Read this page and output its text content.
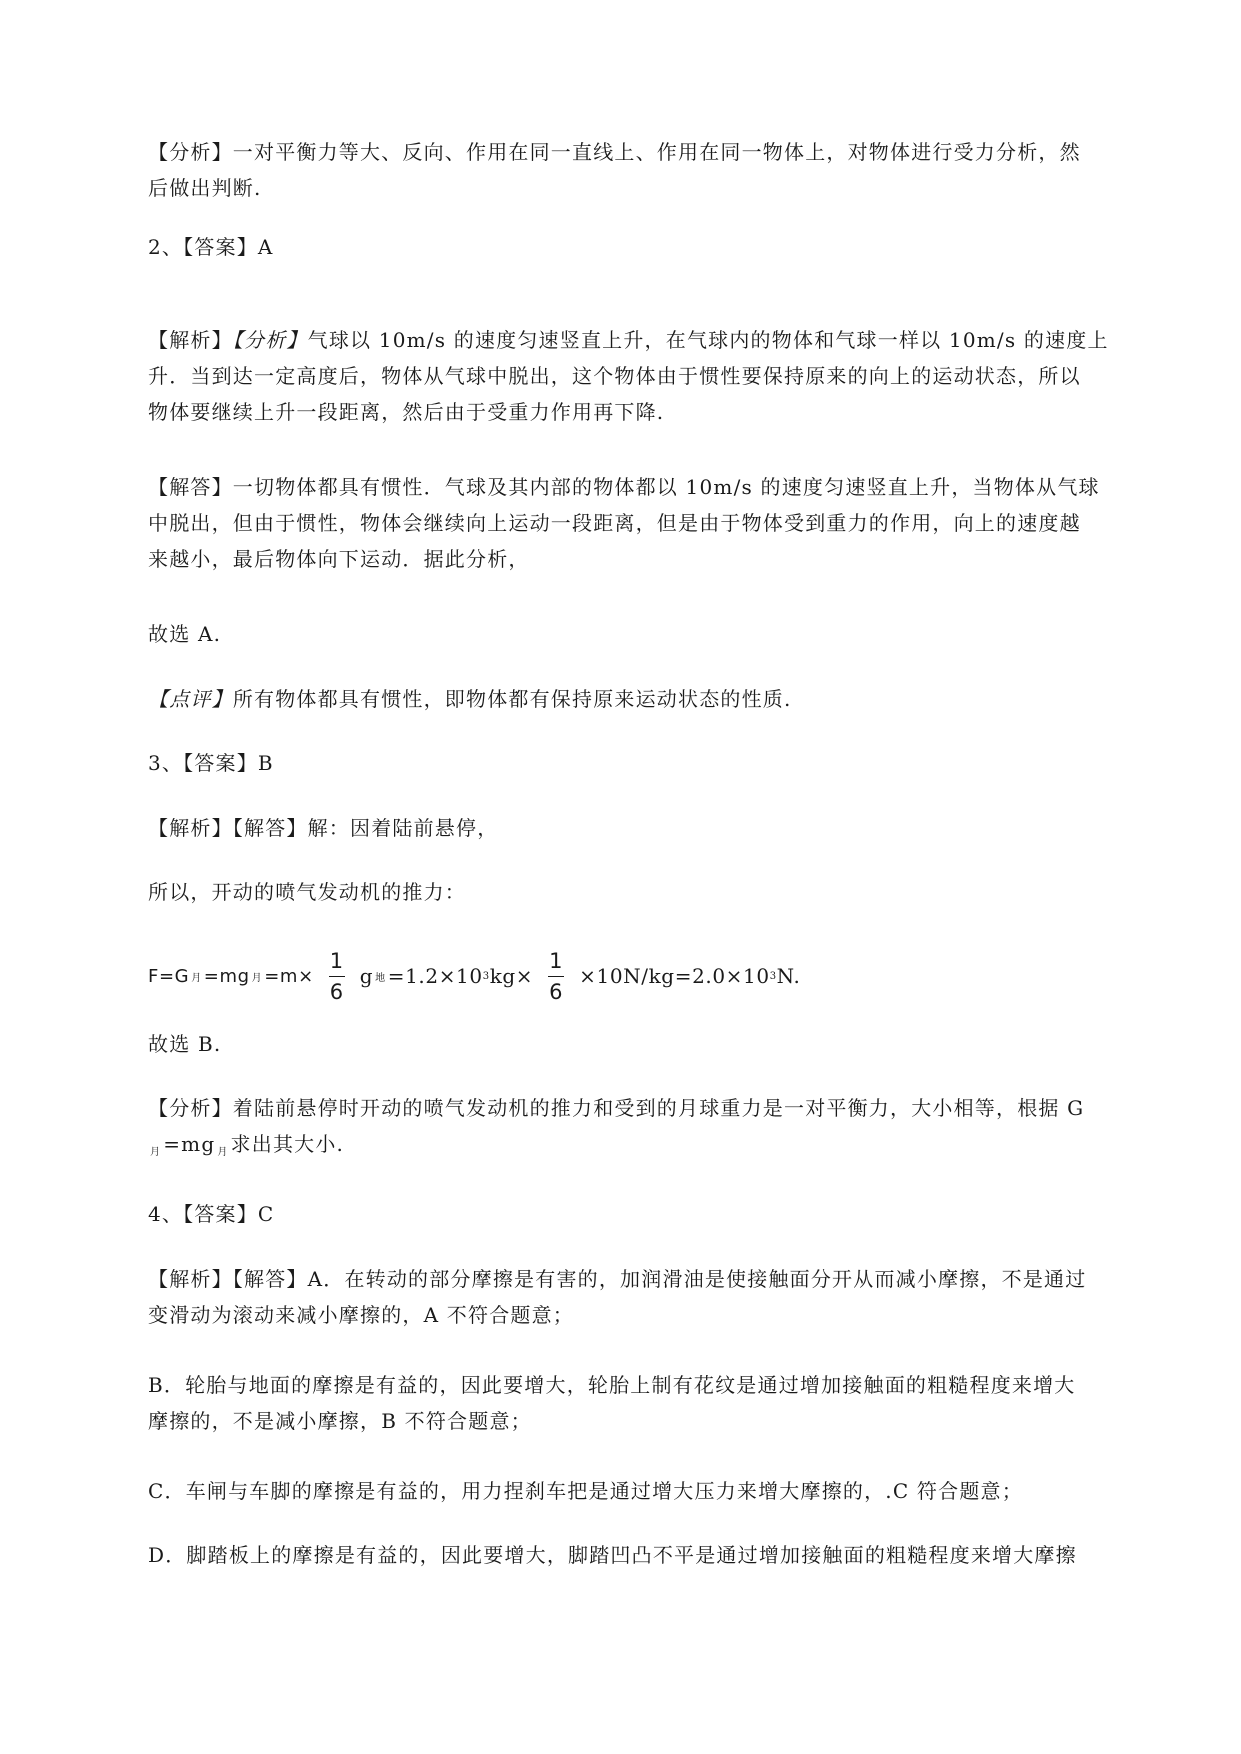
【分析】一对平衡力等大、反向、作用在同一直线上、作用在同一物体上，对物体进行受力分析，然
后做出判断.

2、【答案】A

【解析】【分析】气球以 10m/s 的速度匀速竖直上升，在气球内的物体和气球一样以 10m/s 的速度上
升．当到达一定高度后，物体从气球中脱出，这个物体由于惯性要保持原来的向上的运动状态，所以
物体要继续上升一段距离，然后由于受重力作用再下降.

【解答】一切物体都具有惯性．气球及其内部的物体都以 10m/s 的速度匀速竖直上升，当物体从气球
中脱出，但由于惯性，物体会继续向上运动一段距离，但是由于物体受到重力的作用，向上的速度越
来越小，最后物体向下运动．据此分析，

故选 A.

【点评】所有物体都具有惯性，即物体都有保持原来运动状态的性质.

3、【答案】B

【解析】【解答】解：因着陆前悬停，

所以，开动的喷气发动机的推力：

F=G 月 =mg 月 $=m\times \frac{1}{6}$ g 地 =1.2×10 3 $kg\times \frac{1}{6} \times 10N/kg=2.0\times 10$ 3 N.

故选 B.

【分析】着陆前悬停时开动的喷气发动机的推力和受到的月球重力是一对平衡力，大小相等，根据 G
$_月$ =mg $_月$ 求出其大小.

4、【答案】C

【解析】【解答】A．在转动的部分摩擦是有害的，加润滑油是使接触面分开从而减小摩擦，不是通过
变滑动为滚动来减小摩擦的，A 不符合题意；

B．轮胎与地面的摩擦是有益的，因此要增大，轮胎上制有花纹是通过增加接触面的粗糙程度来增大
摩擦的，不是减小摩擦，B 不符合题意；

C．车闸与车脚的摩擦是有益的，用力捏刹车把是通过增大压力来增大摩擦的，.C 符合题意；

D．脚踏板上的摩擦是有益的，因此要增大，脚踏凹凸不平是通过增加接触面的粗糙程度来增大摩擦
